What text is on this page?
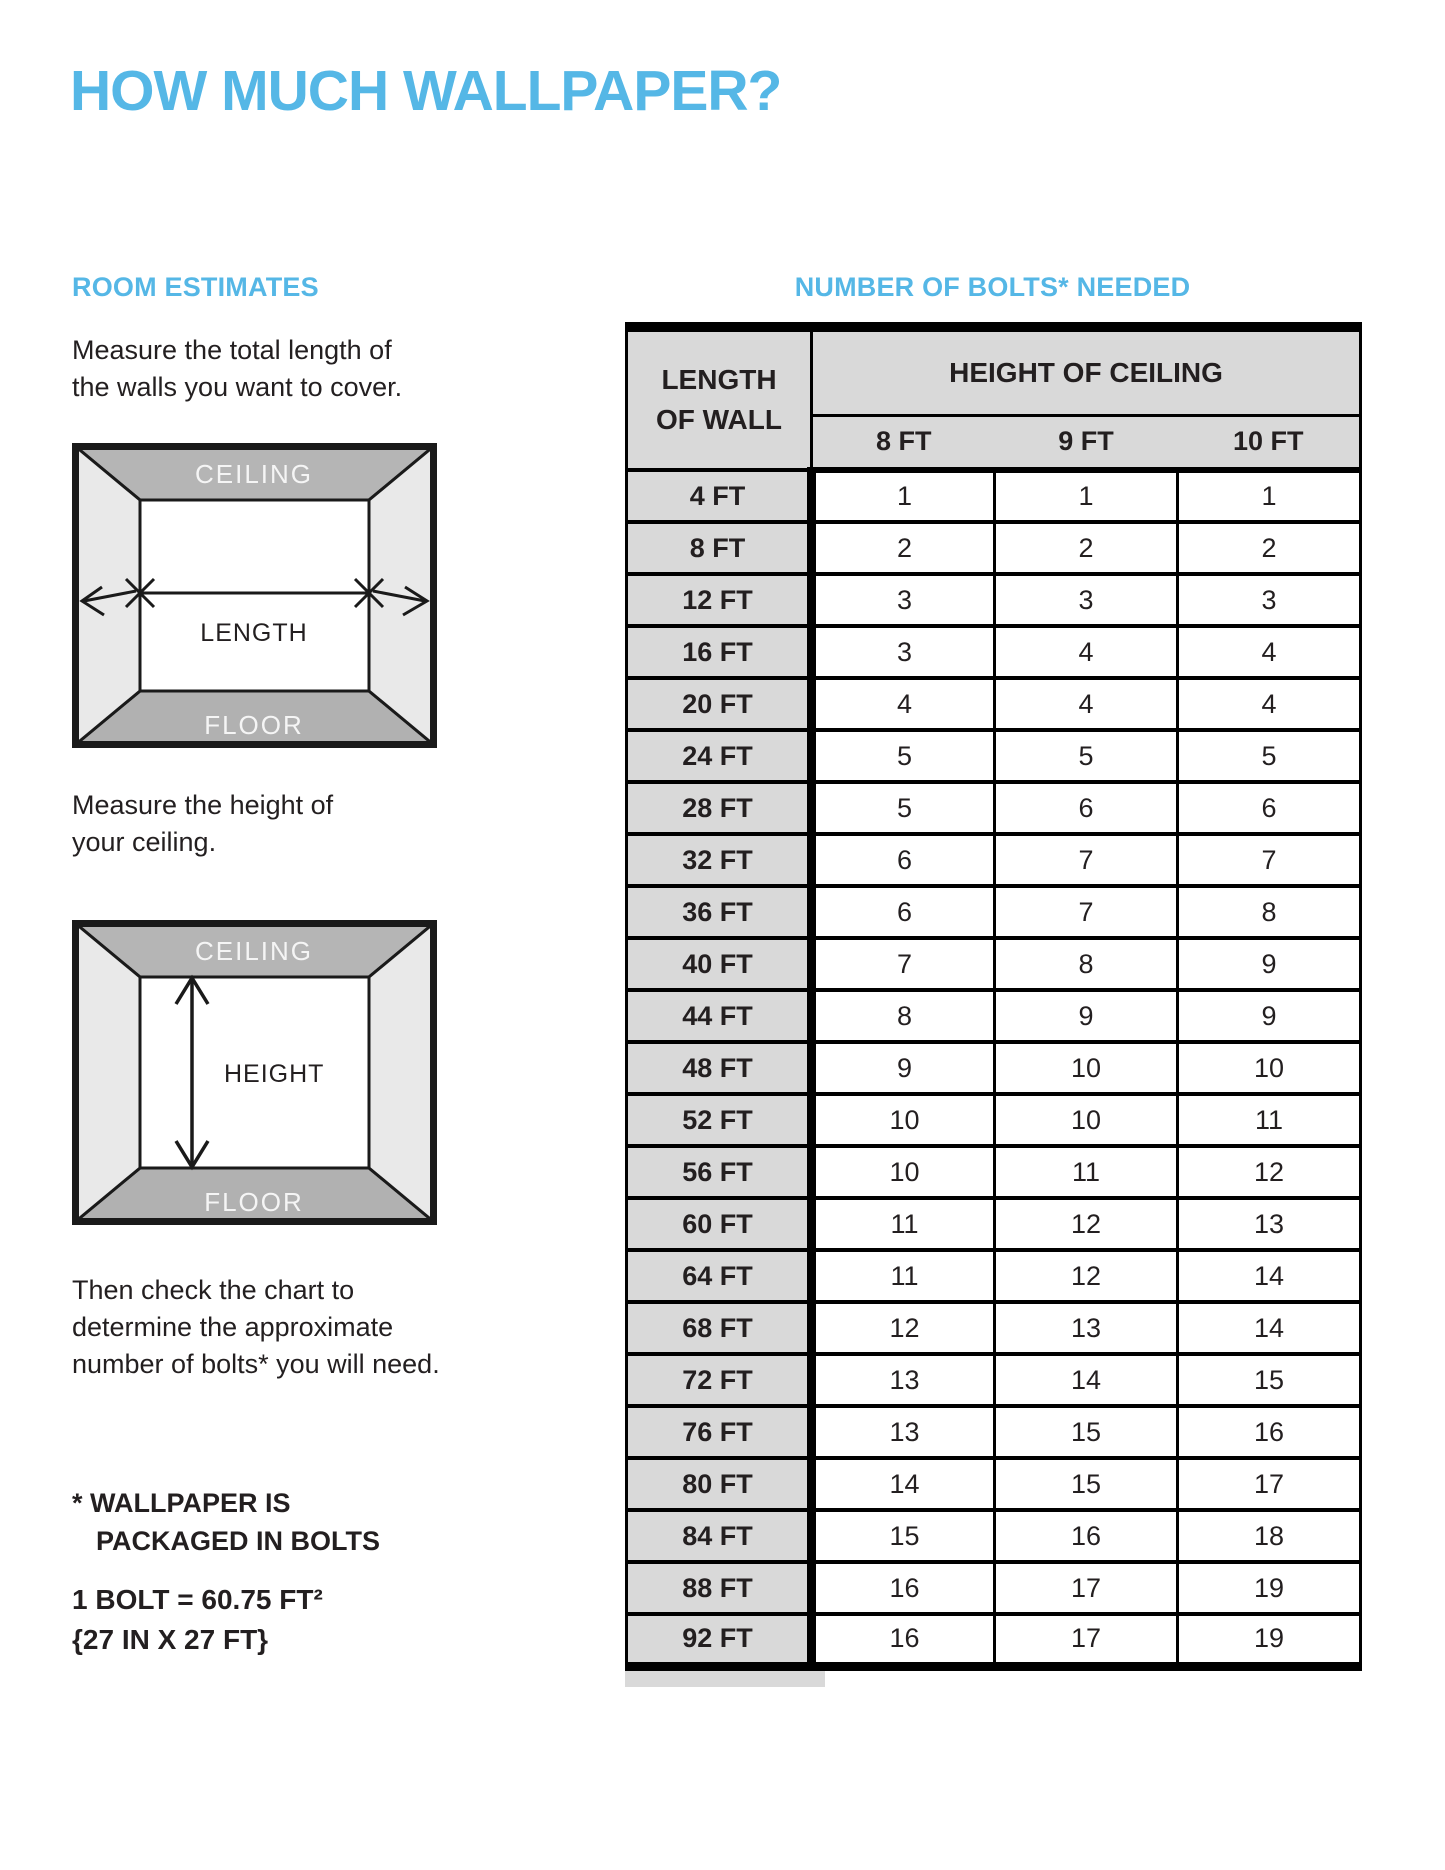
HOW MUCH WALLPAPER?
ROOM ESTIMATES

Measure the total length of
the walls you want to cover.

CEILING
LENGTH
FLOOR

Measure the height of
your ceiling.

CEILING
HEIGHT
FLOOR

Then check the chart to
determine the approximate
number of bolts* you will need.

* WALLPAPER IS
PACKAGED IN BOLTS

1 BOLT = 60.75 FT²
{27 IN X 27 FT}

NUMBER OF BOLTS* NEEDED
LENGTH
OF WALL	HEIGHT OF CEILING		
	8 FT	9 FT	10 FT
4 FT	1	1	1
8 FT	2	2	2
12 FT	3	3	3
16 FT	3	4	4
20 FT	4	4	4
24 FT	5	5	5
28 FT	5	6	6
32 FT	6	7	7
36 FT	6	7	8
40 FT	7	8	9
44 FT	8	9	9
48 FT	9	10	10
52 FT	10	10	11
56 FT	10	11	12
60 FT	11	12	13
64 FT	11	12	14
68 FT	12	13	14
72 FT	13	14	15
76 FT	13	15	16
80 FT	14	15	17
84 FT	15	16	18
88 FT	16	17	19
92 FT	16	17	19
